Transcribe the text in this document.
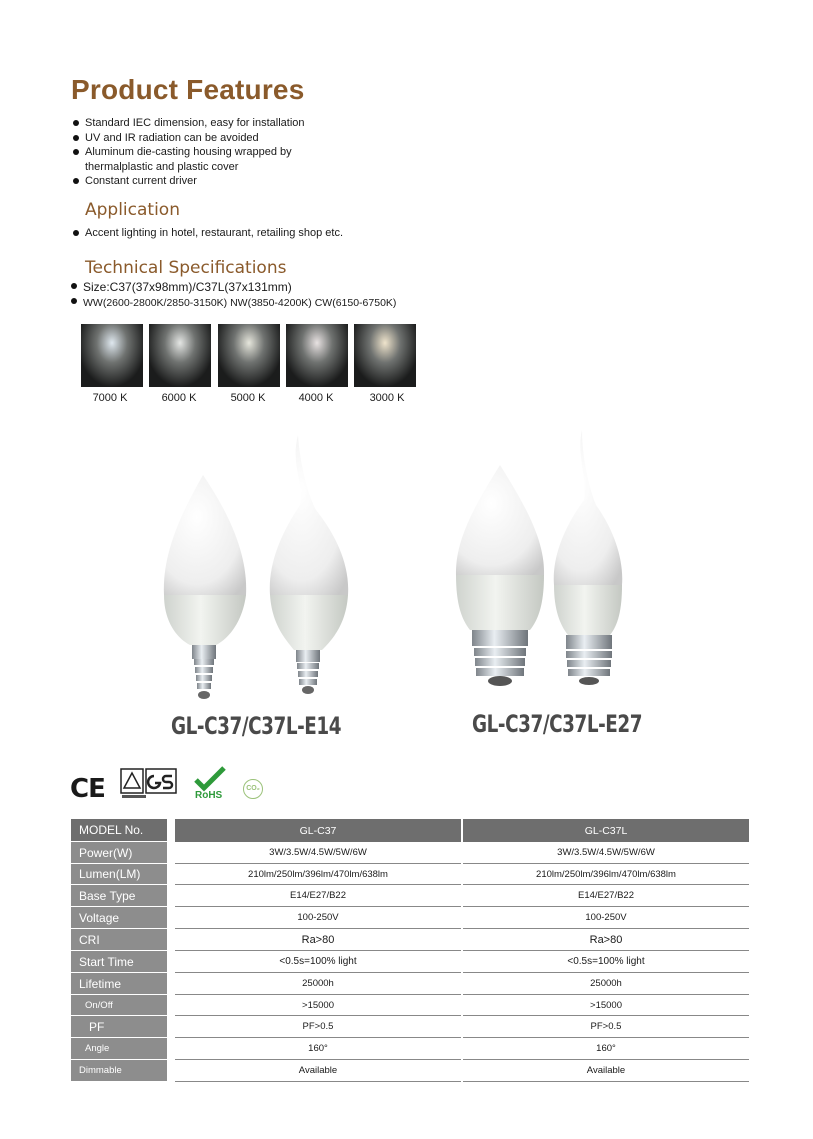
Product Features
Standard IEC dimension, easy for installation
UV and IR radiation can be avoided
Aluminum die-casting housing wrapped by
thermalplastic and plastic cover
Constant current driver
Application
Accent lighting in hotel, restaurant, retailing shop etc.
Technical Specifications
Size:C37(37x98mm)/C37L(37x131mm)
WW(2600-2800K/2850-3150K) NW(3850-4200K) CW(6150-6750K)
7000 K	6000 K	5000 K	4000 K	3000 K
GL-C37/C37L-E14	GL-C37/C37L-E27
CE	RoHS
CO₂
MODEL No.		GL-C37		GL-C37L
Power(W)		3W/3.5W/4.5W/5W/6W		3W/3.5W/4.5W/5W/6W
Lumen(LM)		210lm/250lm/396lm/470lm/638lm		210lm/250lm/396lm/470lm/638lm
Base Type		E14/E27/B22		E14/E27/B22
Voltage		100-250V		100-250V
CRI		Ra>80		Ra>80
Start Time		<0.5s=100% light		<0.5s=100% light
Lifetime		25000h		25000h
On/Off		>15000		>15000
PF		PF>0.5		PF>0.5
Angle		160°		160°
Dimmable		Available		Available
